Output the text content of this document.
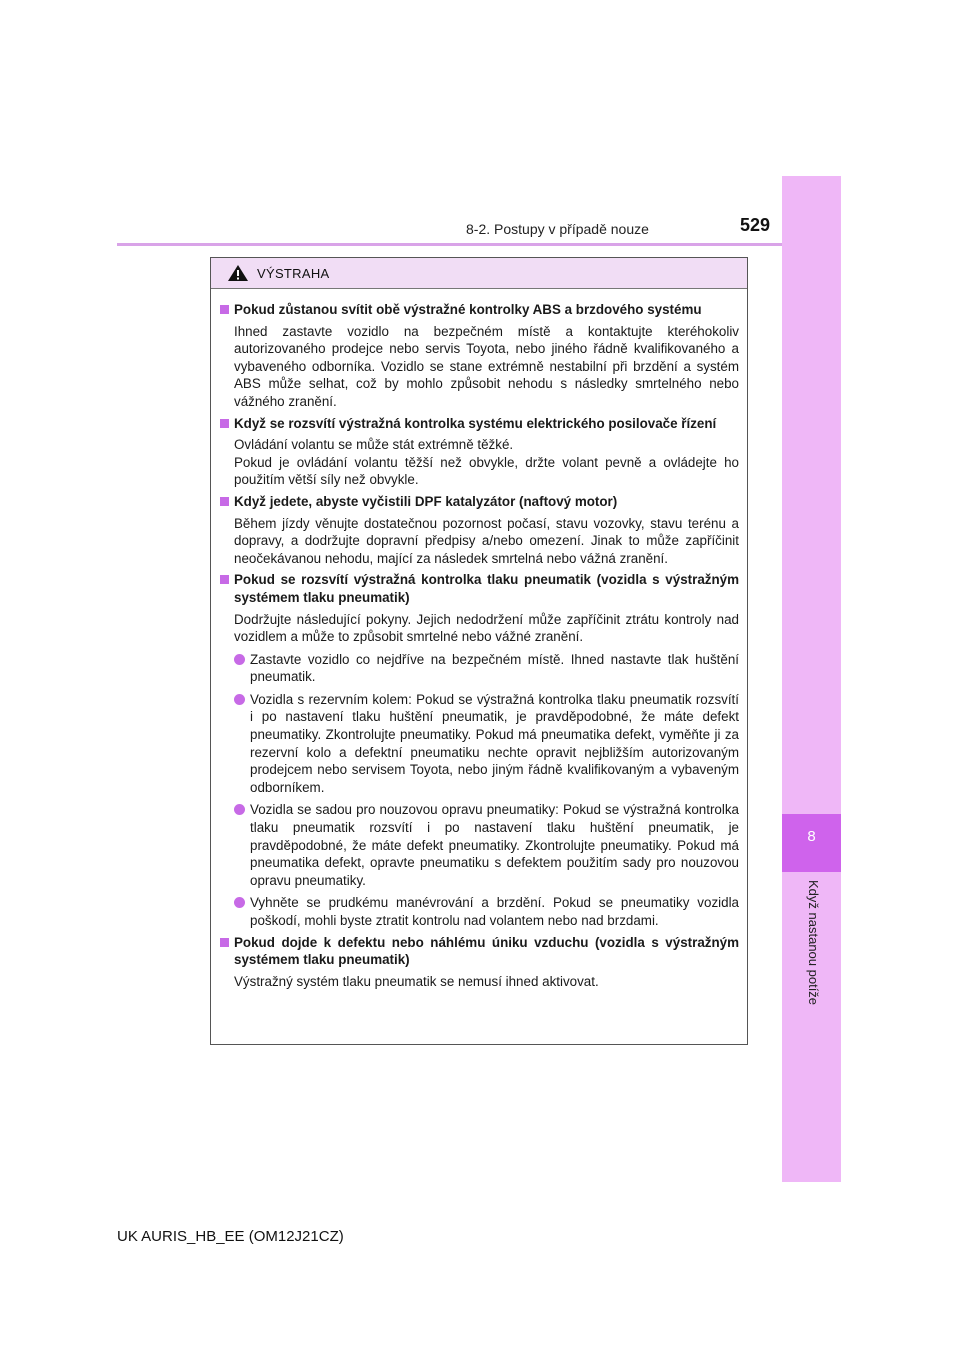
8-2. Postupy v případě nouze	529
8
Když nastanou potíže
VÝSTRAHA
Pokud zůstanou svítit obě výstražné kontrolky ABS a brzdového systému
Ihned zastavte vozidlo na bezpečném místě a kontaktujte kteréhokoliv autorizovaného prodejce nebo servis Toyota, nebo jiného řádně kvalifikovaného a vybaveného odborníka. Vozidlo se stane extrémně nestabilní při brzdění a systém ABS může selhat, což by mohlo způsobit nehodu s následky smrtelného nebo vážného zranění.
Když se rozsvítí výstražná kontrolka systému elektrického posilovače řízení
Ovládání volantu se může stát extrémně těžké.
Pokud je ovládání volantu těžší než obvykle, držte volant pevně a ovládejte ho použitím větší síly než obvykle.
Když jedete, abyste vyčistili DPF katalyzátor (naftový motor)
Během jízdy věnujte dostatečnou pozornost počasí, stavu vozovky, stavu terénu a dopravy, a dodržujte dopravní předpisy a/nebo omezení. Jinak to může zapříčinit neočekávanou nehodu, mající za následek smrtelná nebo vážná zranění.
Pokud se rozsvítí výstražná kontrolka tlaku pneumatik (vozidla s výstražným systémem tlaku pneumatik)
Dodržujte následující pokyny. Jejich nedodržení může zapříčinit ztrátu kontroly nad vozidlem a může to způsobit smrtelné nebo vážné zranění.
Zastavte vozidlo co nejdříve na bezpečném místě. Ihned nastavte tlak huštění pneumatik.
Vozidla s rezervním kolem: Pokud se výstražná kontrolka tlaku pneumatik rozsvítí i po nastavení tlaku huštění pneumatik, je pravděpodobné, že máte defekt pneumatiky. Zkontrolujte pneumatiky. Pokud má pneumatika defekt, vyměňte ji za rezervní kolo a defektní pneumatiku nechte opravit nejbližším autorizovaným prodejcem nebo servisem Toyota, nebo jiným řádně kvalifikovaným a vybaveným odborníkem.
Vozidla se sadou pro nouzovou opravu pneumatiky: Pokud se výstražná kontrolka tlaku pneumatik rozsvítí i po nastavení tlaku huštění pneumatik, je pravděpodobné, že máte defekt pneumatiky. Zkontrolujte pneumatiky. Pokud má pneumatika defekt, opravte pneumatiku s defektem použitím sady pro nouzovou opravu pneumatiky.
Vyhněte se prudkému manévrování a brzdění. Pokud se pneumatiky vozidla poškodí, mohli byste ztratit kontrolu nad volantem nebo nad brzdami.
Pokud dojde k defektu nebo náhlému úniku vzduchu (vozidla s výstražným systémem tlaku pneumatik)
Výstražný systém tlaku pneumatik se nemusí ihned aktivovat.
UK AURIS_HB_EE (OM12J21CZ)
